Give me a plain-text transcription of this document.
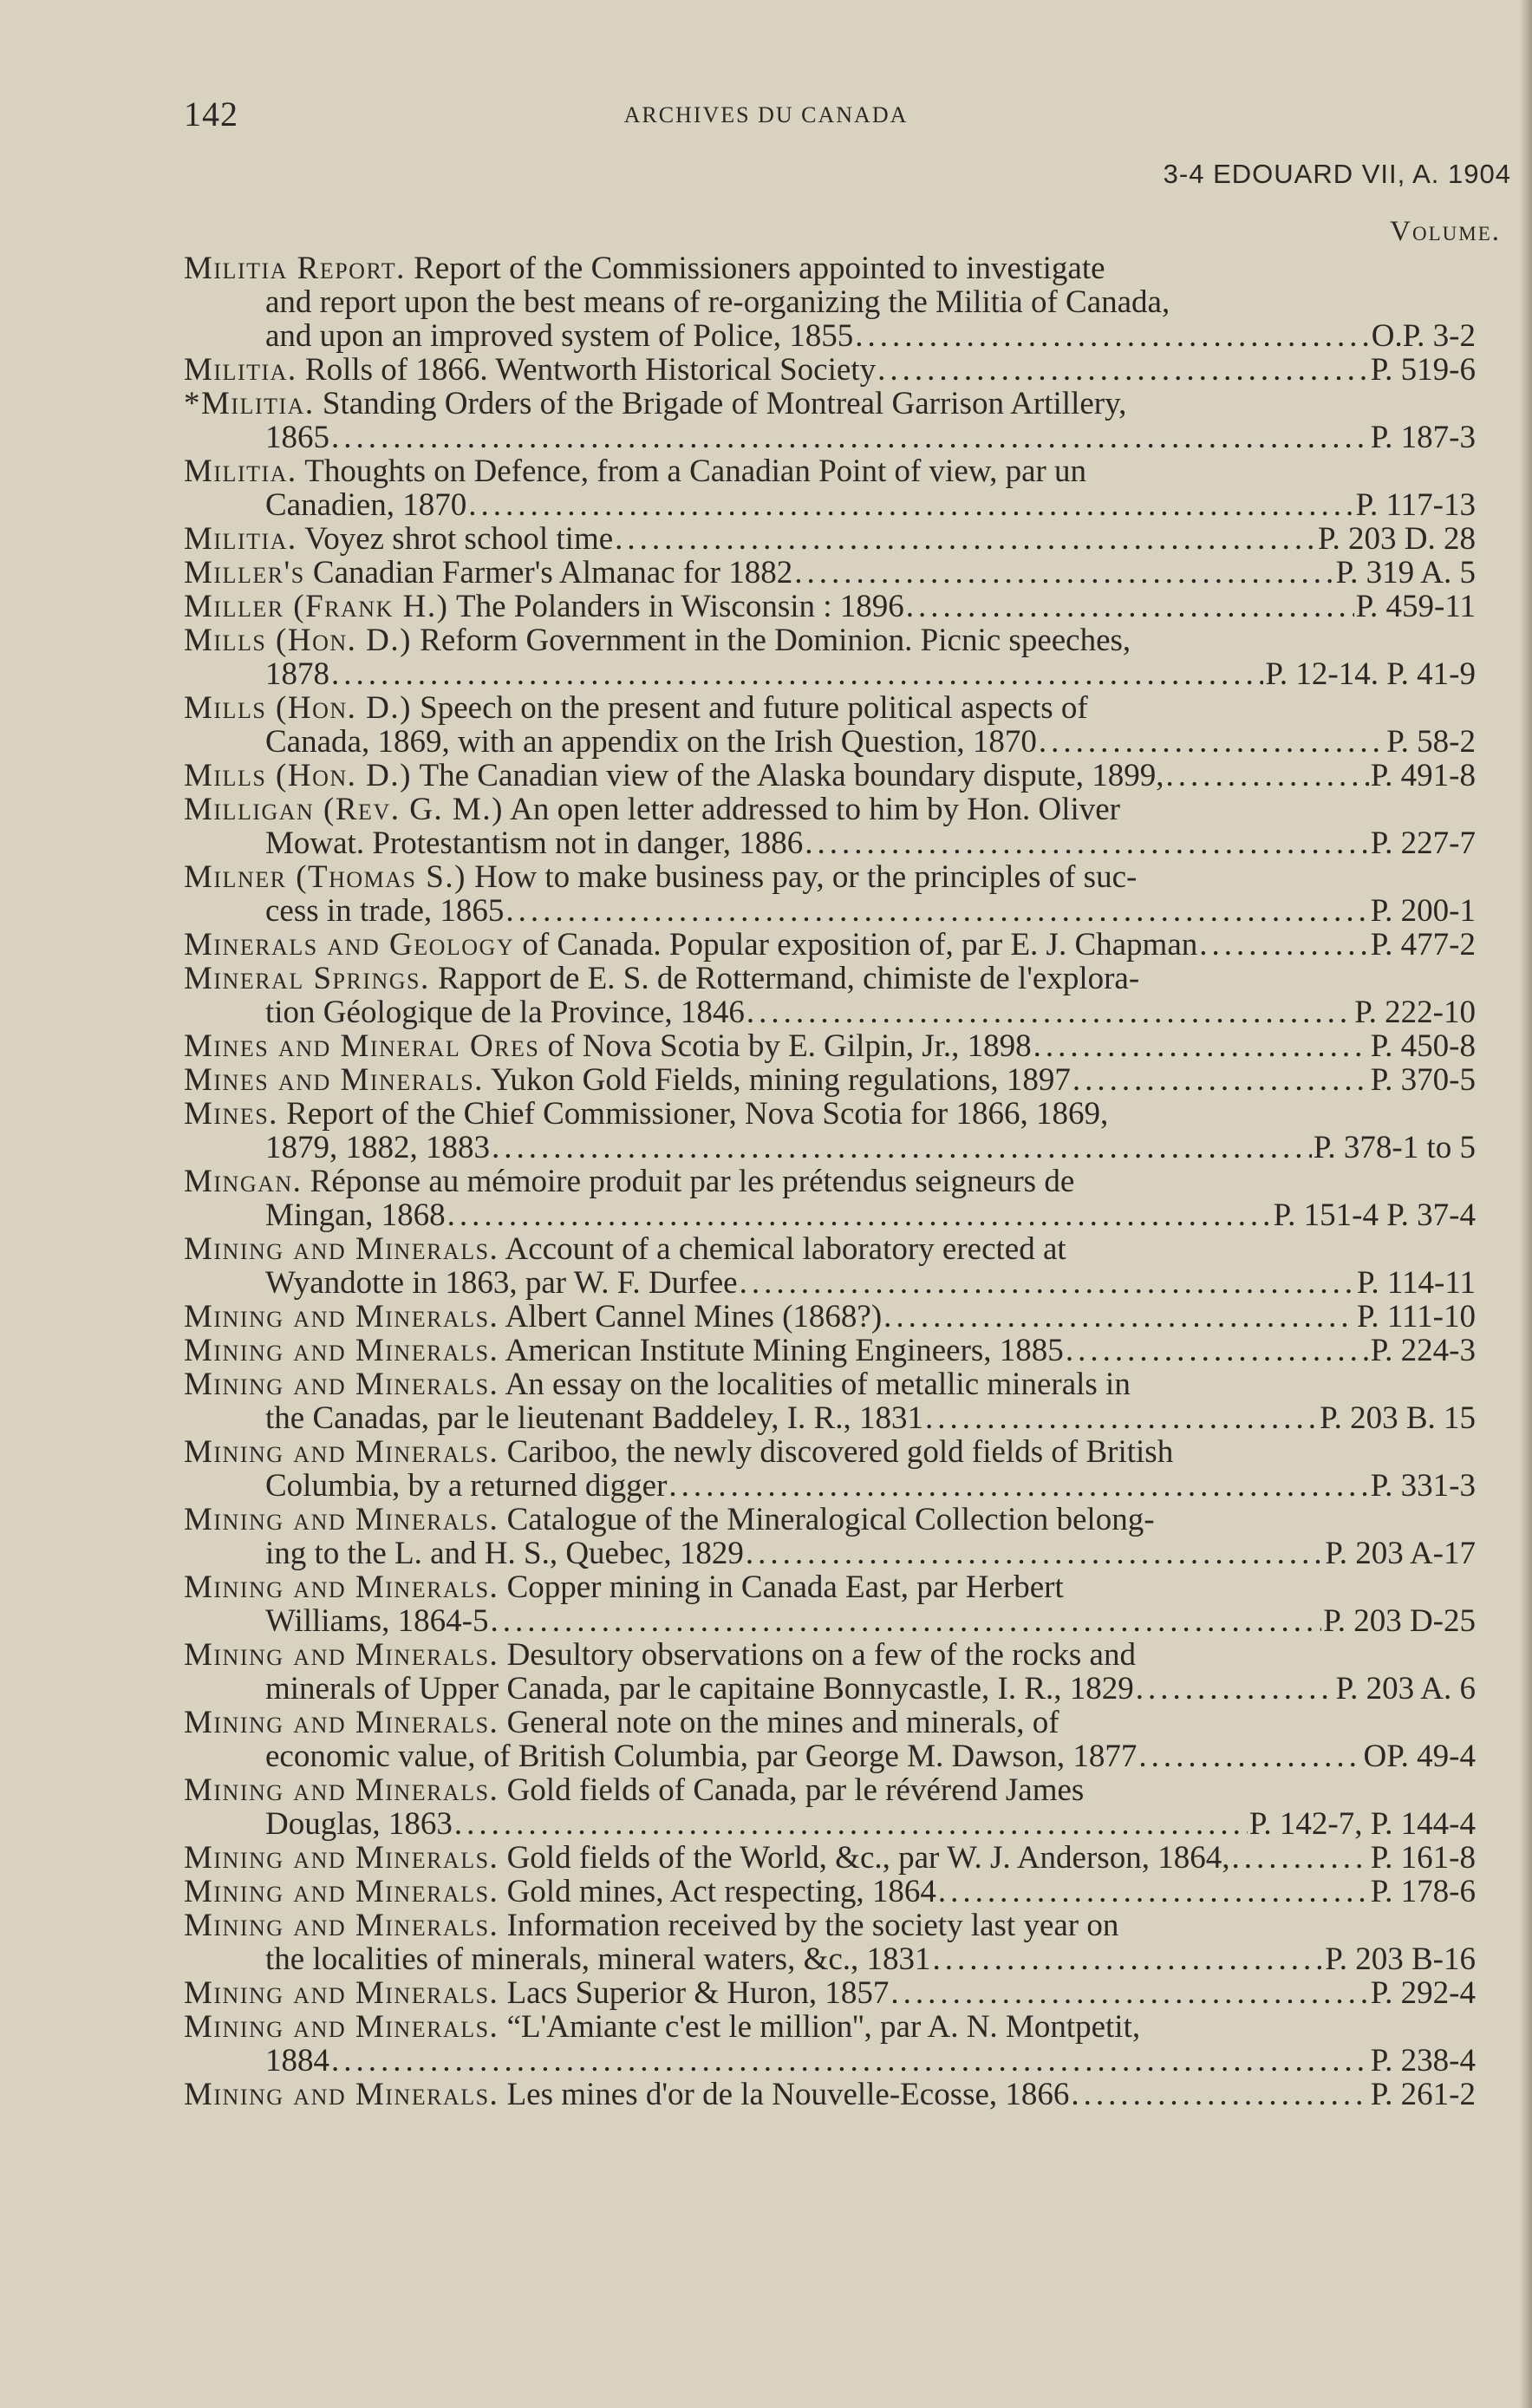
142	ARCHIVES DU CANADA
3-4 EDOUARD VII, A. 1904
Volume.
Militia Report. Report of the Commissioners appointed to investigate
and report upon the best means of re-organizing the Militia of Canada,
and upon an improved system of Police, 1855 .....	O.P. 3-2
Militia. Rolls of 1866. Wentworth Historical Society .....	P. 519-6
*Militia. Standing Orders of the Brigade of Montreal Garrison Artillery,
1865 .....	P. 187-3
Militia. Thoughts on Defence, from a Canadian Point of view, par un
Canadien, 1870 .....	P. 117-13
Militia. Voyez shrot school time .....	P. 203 D. 28
Miller's Canadian Farmer's Almanac for 1882 .....	P. 319 A. 5
Miller (Frank H.) The Polanders in Wisconsin : 1896 .....	P. 459-11
Mills (Hon. D.) Reform Government in the Dominion. Picnic speeches,
1878 .....	P. 12-14. P. 41-9
Mills (Hon. D.) Speech on the present and future political aspects of
Canada, 1869, with an appendix on the Irish Question, 1870 .....	P. 58-2
Mills (Hon. D.) The Canadian view of the Alaska boundary dispute, 1899, .....	P. 491-8
Milligan (Rev. G. M.) An open letter addressed to him by Hon. Oliver
Mowat. Protestantism not in danger, 1886 .....	P. 227-7
Milner (Thomas S.) How to make business pay, or the principles of suc-
cess in trade, 1865 .....	P. 200-1
Minerals and Geology of Canada. Popular exposition of, par E. J. Chapman .....	P. 477-2
Mineral Springs. Rapport de E. S. de Rottermand, chimiste de l'explora-
tion Géologique de la Province, 1846 .....	P. 222-10
Mines and Mineral Ores of Nova Scotia by E. Gilpin, Jr., 1898 .....	P. 450-8
Mines and Minerals. Yukon Gold Fields, mining regulations, 1897 .....	P. 370-5
Mines. Report of the Chief Commissioner, Nova Scotia for 1866, 1869,
1879, 1882, 1883 .....	P. 378-1 to 5
Mingan. Réponse au mémoire produit par les prétendus seigneurs de
Mingan, 1868 .....	P. 151-4 P. 37-4
Mining and Minerals. Account of a chemical laboratory erected at
Wyandotte in 1863, par W. F. Durfee .....	P. 114-11
Mining and Minerals. Albert Cannel Mines (1868?) .....	P. 111-10
Mining and Minerals. American Institute Mining Engineers, 1885 .....	P. 224-3
Mining and Minerals. An essay on the localities of metallic minerals in
the Canadas, par le lieutenant Baddeley, I. R., 1831 .....	P. 203 B. 15
Mining and Minerals. Cariboo, the newly discovered gold fields of British
Columbia, by a returned digger .....	P. 331-3
Mining and Minerals. Catalogue of the Mineralogical Collection belong-
ing to the L. and H. S., Quebec, 1829 .....	P. 203 A-17
Mining and Minerals. Copper mining in Canada East, par Herbert
Williams, 1864-5 .....	P. 203 D-25
Mining and Minerals. Desultory observations on a few of the rocks and
minerals of Upper Canada, par le capitaine Bonnycastle, I. R., 1829 .....	P. 203 A. 6
Mining and Minerals. General note on the mines and minerals, of
economic value, of British Columbia, par George M. Dawson, 1877 .....	OP. 49-4
Mining and Minerals. Gold fields of Canada, par le révérend James
Douglas, 1863 .....	P. 142-7, P. 144-4
Mining and Minerals. Gold fields of the World, &c., par W. J. Anderson, 1864, .....	P. 161-8
Mining and Minerals. Gold mines, Act respecting, 1864 .....	P. 178-6
Mining and Minerals. Information received by the society last year on
the localities of minerals, mineral waters, &c., 1831 .....	P. 203 B-16
Mining and Minerals. Lacs Superior & Huron, 1857 .....	P. 292-4
Mining and Minerals. “L'Amiante c'est le million'', par A. N. Montpetit,
1884 .....	P. 238-4
Mining and Minerals. Les mines d'or de la Nouvelle-Ecosse, 1866 .....	P. 261-2
